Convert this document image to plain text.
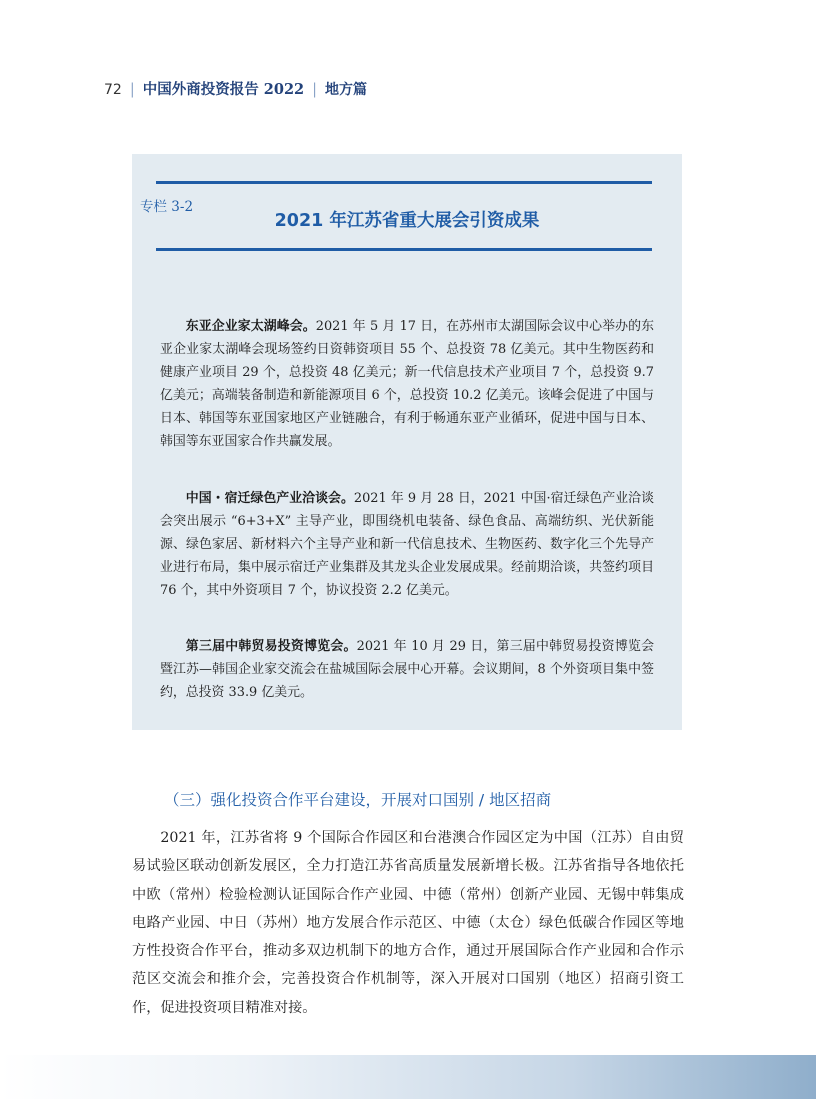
72 | 中国外商投资报告 2022 | 地方篇
专栏 3-2
2021 年江苏省重大展会引资成果

东亚企业家太湖峰会。2021 年 5 月 17 日，在苏州市太湖国际会议中心举办的东亚企业家太湖峰会现场签约日资韩资项目 55 个、总投资 78 亿美元。其中生物医药和健康产业项目 29 个，总投资 48 亿美元；新一代信息技术产业项目 7 个，总投资 9.7 亿美元；高端装备制造和新能源项目 6 个，总投资 10.2 亿美元。该峰会促进了中国与日本、韩国等东亚国家地区产业链融合，有利于畅通东亚产业循环，促进中国与日本、韩国等东亚国家合作共赢发展。

中国・宿迁绿色产业洽谈会。2021 年 9 月 28 日，2021 中国·宿迁绿色产业洽谈会突出展示 “6+3+X” 主导产业，即围绕机电装备、绿色食品、高端纺织、光伏新能源、绿色家居、新材料六个主导产业和新一代信息技术、生物医药、数字化三个先导产业进行布局，集中展示宿迁产业集群及其龙头企业发展成果。经前期洽谈，共签约项目 76 个，其中外资项目 7 个，协议投资 2.2 亿美元。

第三届中韩贸易投资博览会。2021 年 10 月 29 日，第三届中韩贸易投资博览会暨江苏—韩国企业家交流会在盐城国际会展中心开幕。会议期间，8 个外资项目集中签约，总投资 33.9 亿美元。

（三）强化投资合作平台建设，开展对口国别 / 地区招商

2021 年，江苏省将 9 个国际合作园区和台港澳合作园区定为中国（江苏）自由贸易试验区联动创新发展区，全力打造江苏省高质量发展新增长极。江苏省指导各地依托中欧（常州）检验检测认证国际合作产业园、中德（常州）创新产业园、无锡中韩集成电路产业园、中日（苏州）地方发展合作示范区、中德（太仓）绿色低碳合作园区等地方性投资合作平台，推动多双边机制下的地方合作，通过开展国际合作产业园和合作示范区交流会和推介会，完善投资合作机制等，深入开展对口国别（地区）招商引资工作，促进投资项目精准对接。
